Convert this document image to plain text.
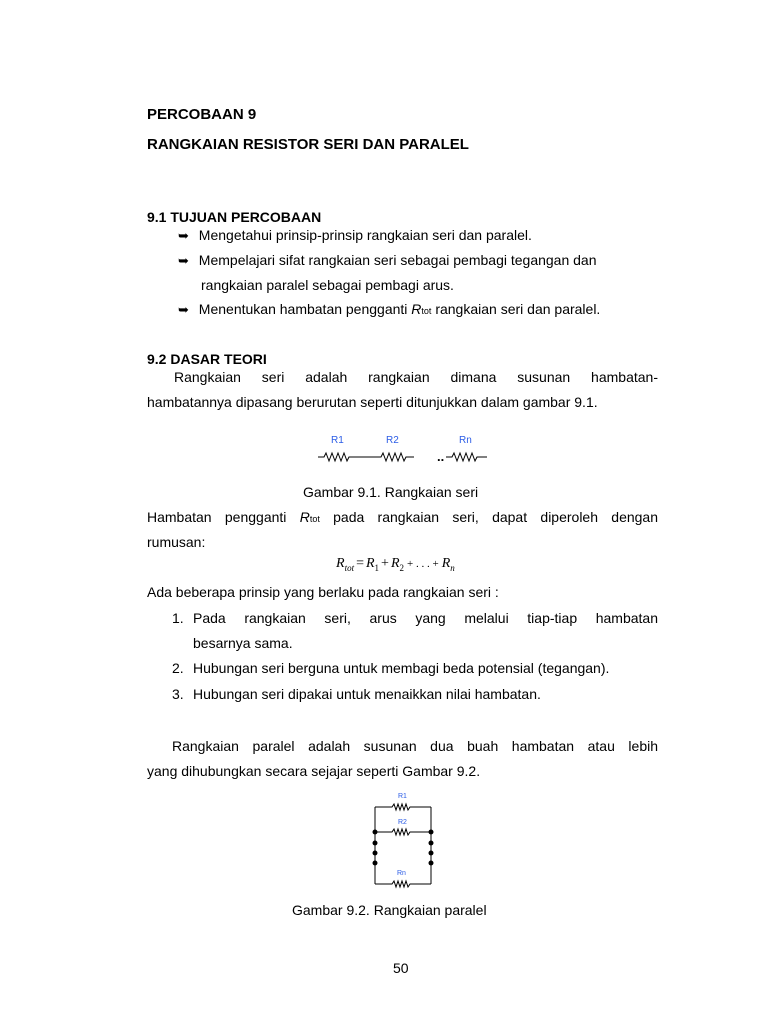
PERCOBAAN 9
RANGKAIAN RESISTOR SERI DAN PARALEL
9.1 TUJUAN PERCOBAAN
➥ Mengetahui prinsip-prinsip rangkaian seri dan paralel.
➥ Mempelajari sifat rangkaian seri sebagai pembagi tegangan dan
rangkaian paralel sebagai pembagi arus.
➥ Menentukan hambatan pengganti Rtot rangkaian seri dan paralel.
9.2 DASAR TEORI
Rangkaian seri adalah rangkaian dimana susunan hambatan-
hambatannya dipasang berurutan seperti ditunjukkan dalam gambar 9.1.
R1	R2	Rn
..
Gambar 9.1. Rangkaian seri
Hambatan pengganti Rtot pada rangkaian seri, dapat diperoleh dengan
rumusan:
$R_{tot} = R_1 + R_2$ + . . . + $R_n$
Ada beberapa prinsip yang berlaku pada rangkaian seri :
1. Pada rangkaian seri, arus yang melalui tiap-tiap hambatan
besarnya sama.
2. Hubungan seri berguna untuk membagi beda potensial (tegangan).
3. Hubungan seri dipakai untuk menaikkan nilai hambatan.
Rangkaian paralel adalah susunan dua buah hambatan atau lebih
yang dihubungkan secara sejajar seperti Gambar 9.2.
R1
R2
Rn
Gambar 9.2. Rangkaian paralel
50
